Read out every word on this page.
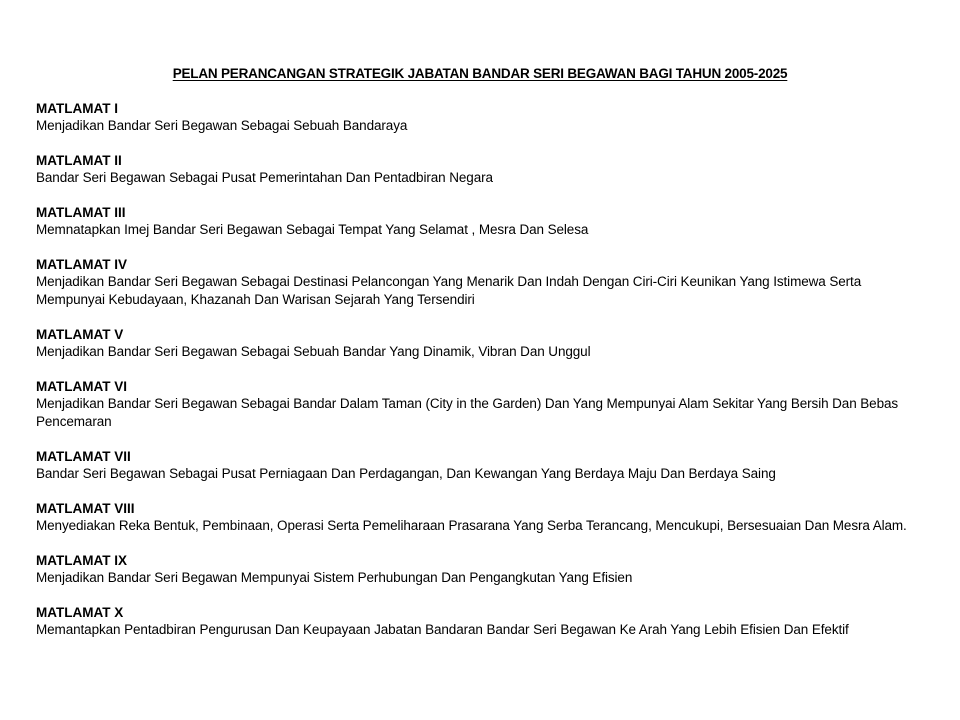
PELAN PERANCANGAN STRATEGIK JABATAN BANDAR SERI BEGAWAN BAGI TAHUN 2005-2025
MATLAMAT I
Menjadikan Bandar Seri Begawan Sebagai Sebuah Bandaraya
MATLAMAT II
Bandar Seri Begawan Sebagai Pusat Pemerintahan Dan Pentadbiran Negara
MATLAMAT III
Memnatapkan Imej Bandar Seri Begawan Sebagai Tempat Yang Selamat , Mesra Dan Selesa
MATLAMAT IV
Menjadikan Bandar Seri Begawan Sebagai Destinasi Pelancongan Yang Menarik Dan Indah Dengan Ciri-Ciri Keunikan Yang Istimewa Serta Mempunyai Kebudayaan, Khazanah Dan Warisan Sejarah Yang Tersendiri
MATLAMAT V
Menjadikan Bandar Seri Begawan Sebagai Sebuah Bandar Yang Dinamik, Vibran Dan Unggul
MATLAMAT VI
Menjadikan Bandar Seri Begawan Sebagai Bandar Dalam Taman (City in the Garden) Dan Yang Mempunyai Alam Sekitar Yang Bersih Dan Bebas Pencemaran
MATLAMAT VII
Bandar Seri Begawan Sebagai Pusat Perniagaan Dan Perdagangan, Dan Kewangan Yang Berdaya Maju Dan Berdaya Saing
MATLAMAT VIII
Menyediakan Reka Bentuk, Pembinaan, Operasi Serta Pemeliharaan Prasarana Yang Serba Terancang, Mencukupi, Bersesuaian Dan Mesra Alam.
MATLAMAT IX
Menjadikan Bandar Seri Begawan Mempunyai Sistem Perhubungan Dan Pengangkutan Yang Efisien
MATLAMAT X
Memantapkan Pentadbiran Pengurusan Dan Keupayaan Jabatan Bandaran Bandar Seri Begawan Ke Arah Yang Lebih Efisien Dan Efektif
